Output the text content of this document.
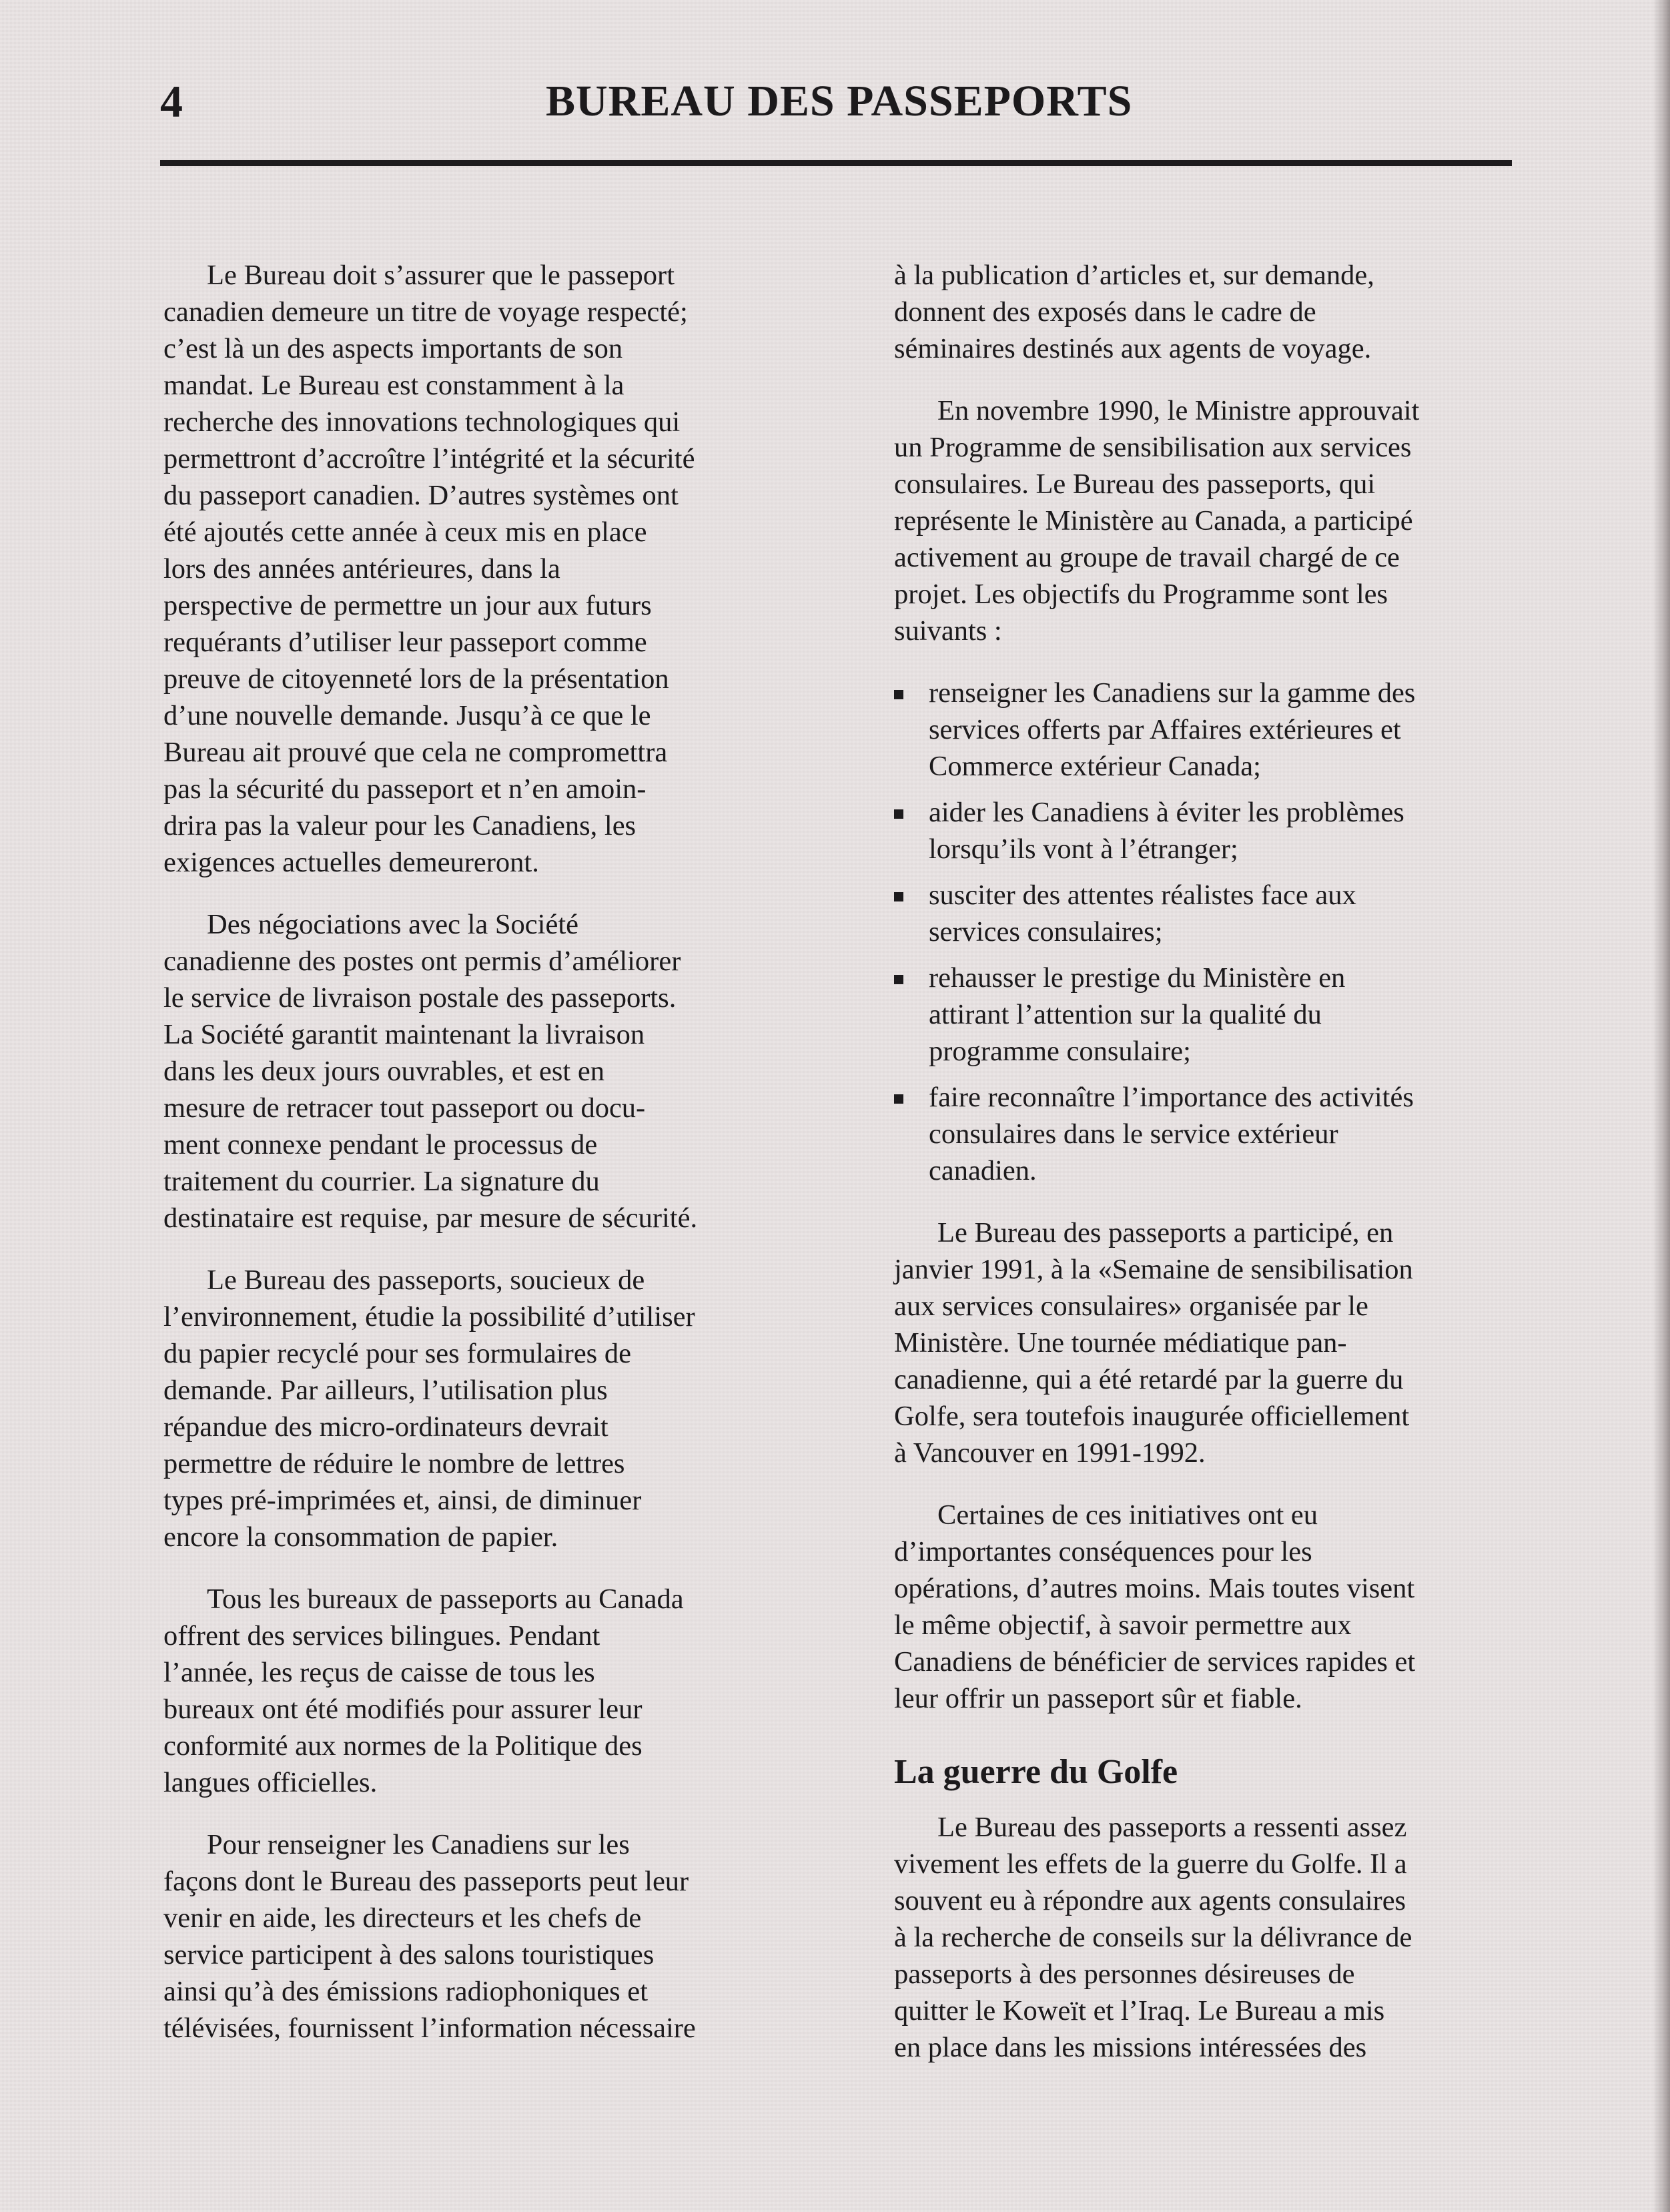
4	BUREAU DES PASSEPORTS

Le Bureau doit s’assurer que le passeport
canadien demeure un titre de voyage respecté;
c’est là un des aspects importants de son
mandat. Le Bureau est constamment à la
recherche des innovations technologiques qui
permettront d’accroître l’intégrité et la sécurité
du passeport canadien. D’autres systèmes ont
été ajoutés cette année à ceux mis en place
lors des années antérieures, dans la
perspective de permettre un jour aux futurs
requérants d’utiliser leur passeport comme
preuve de citoyenneté lors de la présentation
d’une nouvelle demande. Jusqu’à ce que le
Bureau ait prouvé que cela ne compromettra
pas la sécurité du passeport et n’en amoin-
drira pas la valeur pour les Canadiens, les
exigences actuelles demeureront.

Des négociations avec la Société
canadienne des postes ont permis d’améliorer
le service de livraison postale des passeports.
La Société garantit maintenant la livraison
dans les deux jours ouvrables, et est en
mesure de retracer tout passeport ou docu-
ment connexe pendant le processus de
traitement du courrier. La signature du
destinataire est requise, par mesure de sécurité.

Le Bureau des passeports, soucieux de
l’environnement, étudie la possibilité d’utiliser
du papier recyclé pour ses formulaires de
demande. Par ailleurs, l’utilisation plus
répandue des micro-ordinateurs devrait
permettre de réduire le nombre de lettres
types pré-imprimées et, ainsi, de diminuer
encore la consommation de papier.

Tous les bureaux de passeports au Canada
offrent des services bilingues. Pendant
l’année, les reçus de caisse de tous les
bureaux ont été modifiés pour assurer leur
conformité aux normes de la Politique des
langues officielles.

Pour renseigner les Canadiens sur les
façons dont le Bureau des passeports peut leur
venir en aide, les directeurs et les chefs de
service participent à des salons touristiques
ainsi qu’à des émissions radiophoniques et
télévisées, fournissent l’information nécessaire

à la publication d’articles et, sur demande,
donnent des exposés dans le cadre de
séminaires destinés aux agents de voyage.

En novembre 1990, le Ministre approuvait
un Programme de sensibilisation aux services
consulaires. Le Bureau des passeports, qui
représente le Ministère au Canada, a participé
activement au groupe de travail chargé de ce
projet. Les objectifs du Programme sont les
suivants :

renseigner les Canadiens sur la gamme des
services offerts par Affaires extérieures et
Commerce extérieur Canada;
aider les Canadiens à éviter les problèmes
lorsqu’ils vont à l’étranger;
susciter des attentes réalistes face aux
services consulaires;
rehausser le prestige du Ministère en
attirant l’attention sur la qualité du
programme consulaire;
faire reconnaître l’importance des activités
consulaires dans le service extérieur
canadien.

Le Bureau des passeports a participé, en
janvier 1991, à la «Semaine de sensibilisation
aux services consulaires» organisée par le
Ministère. Une tournée médiatique pan-
canadienne, qui a été retardé par la guerre du
Golfe, sera toutefois inaugurée officiellement
à Vancouver en 1991-1992.

Certaines de ces initiatives ont eu
d’importantes conséquences pour les
opérations, d’autres moins. Mais toutes visent
le même objectif, à savoir permettre aux
Canadiens de bénéficier de services rapides et
leur offrir un passeport sûr et fiable.

La guerre du Golfe

Le Bureau des passeports a ressenti assez
vivement les effets de la guerre du Golfe. Il a
souvent eu à répondre aux agents consulaires
à la recherche de conseils sur la délivrance de
passeports à des personnes désireuses de
quitter le Koweït et l’Iraq. Le Bureau a mis
en place dans les missions intéressées des
